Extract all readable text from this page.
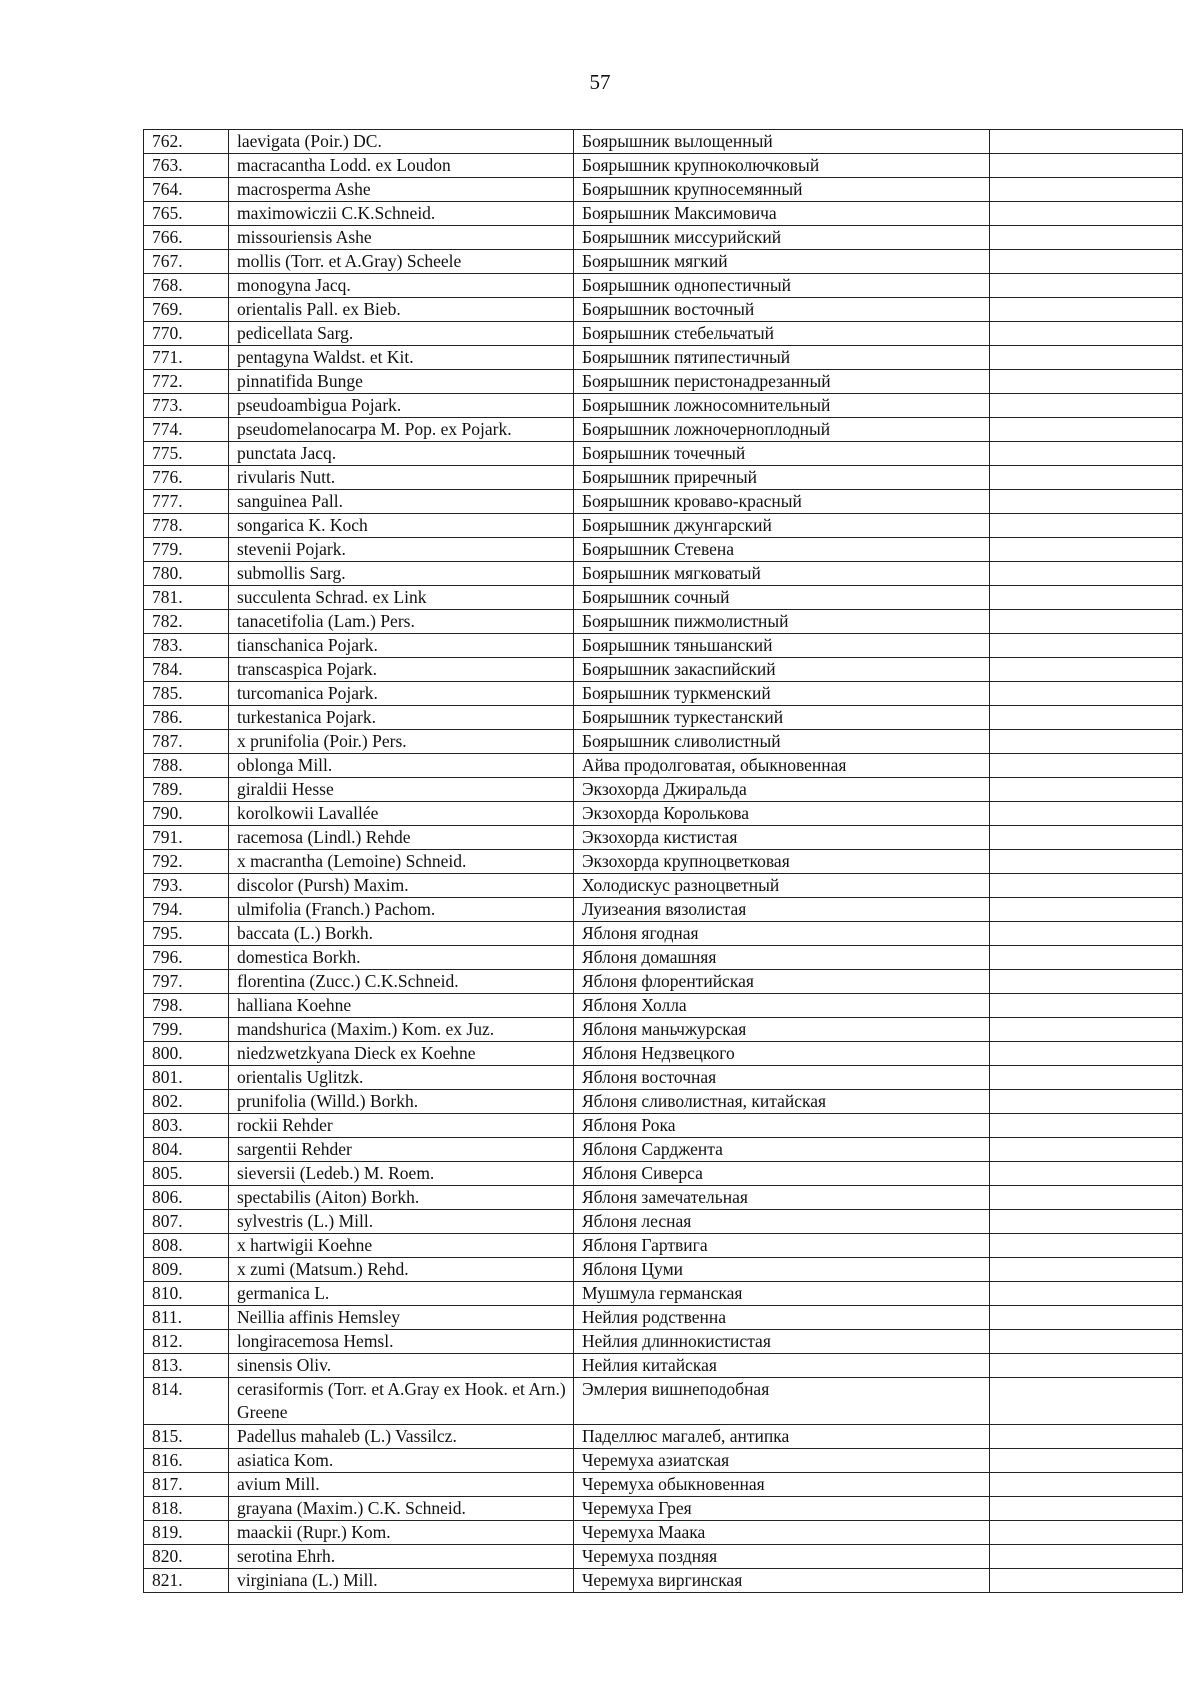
57
762.	laevigata (Poir.) DC.	Боярышник вылощенный	
763.	macracantha Lodd. ex Loudon	Боярышник крупноколючковый	
764.	macrosperma Ashe	Боярышник крупносемянный	
765.	maximowiczii C.K.Schneid.	Боярышник Максимовича	
766.	missouriensis Ashe	Боярышник миссурийский	
767.	mollis (Torr. et A.Gray) Scheele	Боярышник мягкий	
768.	monogyna Jacq.	Боярышник однопестичный	
769.	orientalis Pall. ex Bieb.	Боярышник восточный	
770.	pedicellata Sarg.	Боярышник стебельчатый	
771.	pentagyna Waldst. et Kit.	Боярышник пятипестичный	
772.	pinnatifida Bunge	Боярышник перистонадрезанный	
773.	pseudoambigua Pojark.	Боярышник ложносомнительный	
774.	pseudomelanocarpa M. Pop. ex Pojark.	Боярышник ложночерноплодный	
775.	punctata Jacq.	Боярышник точечный	
776.	rivularis Nutt.	Боярышник приречный	
777.	sanguinea Pall.	Боярышник кроваво-красный	
778.	songarica K. Koch	Боярышник джунгарский	
779.	stevenii Pojark.	Боярышник Стевена	
780.	submollis Sarg.	Боярышник мягковатый	
781.	succulenta Schrad. ex Link	Боярышник сочный	
782.	tanacetifolia (Lam.) Pers.	Боярышник пижмолистный	
783.	tianschanica Pojark.	Боярышник тяньшанский	
784.	transcaspica Pojark.	Боярышник закаспийский	
785.	turcomanica Pojark.	Боярышник туркменский	
786.	turkestanica Pojark.	Боярышник туркестанский	
787.	x prunifolia (Poir.) Pers.	Боярышник сливолистный	
788.	oblonga Mill.	Айва продолговатая, обыкновенная	
789.	giraldii Hesse	Экзохорда Джиральда	
790.	korolkowii Lavallée	Экзохорда Королькова	
791.	racemosa (Lindl.) Rehde	Экзохорда кистистая	
792.	x macrantha (Lemoine) Schneid.	Экзохорда крупноцветковая	
793.	discolor (Pursh) Maxim.	Холодискус разноцветный	
794.	ulmifolia (Franch.) Pachom.	Луизеания вязолистая	
795.	baccata (L.) Borkh.	Яблоня ягодная	
796.	domestica Borkh.	Яблоня домашняя	
797.	florentina (Zucc.) C.K.Schneid.	Яблоня флорентийская	
798.	halliana Koehne	Яблоня Холла	
799.	mandshurica (Maxim.) Kom. ex Juz.	Яблоня маньчжурская	
800.	niedzwetzkyana Dieck ex Koehne	Яблоня Недзвецкого	
801.	orientalis Uglitzk.	Яблоня восточная	
802.	prunifolia (Willd.) Borkh.	Яблоня сливолистная, китайская	
803.	rockii Rehder	Яблоня Рока	
804.	sargentii Rehder	Яблоня Сарджента	
805.	sieversii (Ledeb.) M. Roem.	Яблоня Сиверса	
806.	spectabilis (Aiton) Borkh.	Яблоня замечательная	
807.	sylvestris (L.) Mill.	Яблоня лесная	
808.	x hartwigii Koehne	Яблоня Гартвига	
809.	x zumi (Matsum.) Rehd.	Яблоня Цуми	
810.	germanica L.	Мушмула германская	
811.	Neillia affinis Hemsley	Нейлия родственна	
812.	longiracemosa Hemsl.	Нейлия длиннокистистая	
813.	sinensis Oliv.	Нейлия китайская	
814.	cerasiformis (Torr. et A.Gray ex Hook. et Arn.) Greene	Эмлерия вишнеподобная	
815.	Padellus mahaleb (L.) Vassilcz.	Паделлюс магалеб, антипка	
816.	asiatica Kom.	Черемуха азиатская	
817.	avium Mill.	Черемуха обыкновенная	
818.	grayana (Maxim.) C.K. Schneid.	Черемуха Грея	
819.	maackii (Rupr.) Kom.	Черемуха Маака	
820.	serotina Ehrh.	Черемуха поздняя	
821.	virginiana (L.) Mill.	Черемуха виргинская	
